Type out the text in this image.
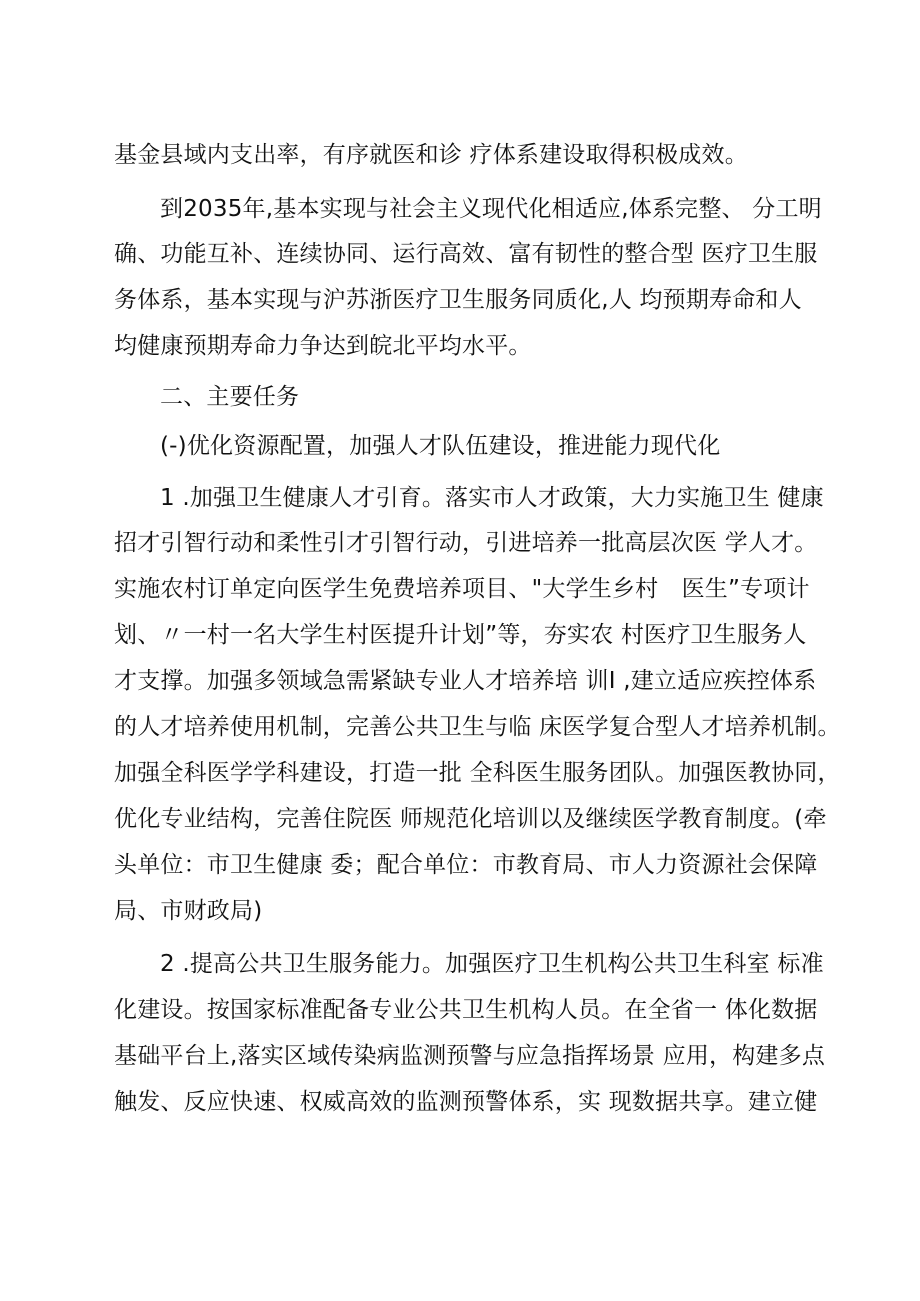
基金县域内支出率，有序就医和诊 疗体系建设取得积极成效。
到2035年,基本实现与社会主义现代化相适应,体系完整、 分工明
确、功能互补、连续协同、运行高效、富有韧性的整合型 医疗卫生服
务体系，基本实现与沪苏浙医疗卫生服务同质化,人 均预期寿命和人
均健康预期寿命力争达到皖北平均水平。
二、主要任务
(-)优化资源配置，加强人才队伍建设，推进能力现代化
1 .加强卫生健康人才引育。落实市人才政策，大力实施卫生 健康
招才引智行动和柔性引才引智行动，引进培养一批高层次医 学人才。
实施农村订单定向医学生免费培养项目、"大学生乡村　医生”专项计
划、〃一村一名大学生村医提升计划”等，夯实农 村医疗卫生服务人
才支撑。加强多领域急需紧缺专业人才培养培 训I ,建立适应疾控体系
的人才培养使用机制，完善公共卫生与临 床医学复合型人才培养机制。
加强全科医学学科建设，打造一批 全科医生服务团队。加强医教协同，
优化专业结构，完善住院医 师规范化培训以及继续医学教育制度。(牵
头单位：市卫生健康 委；配合单位：市教育局、市人力资源社会保障
局、市财政局)
2 .提高公共卫生服务能力。加强医疗卫生机构公共卫生科室 标准
化建设。按国家标准配备专业公共卫生机构人员。在全省一 体化数据
基础平台上,落实区域传染病监测预警与应急指挥场景 应用，构建多点
触发、反应快速、权威高效的监测预警体系，实 现数据共享。建立健
